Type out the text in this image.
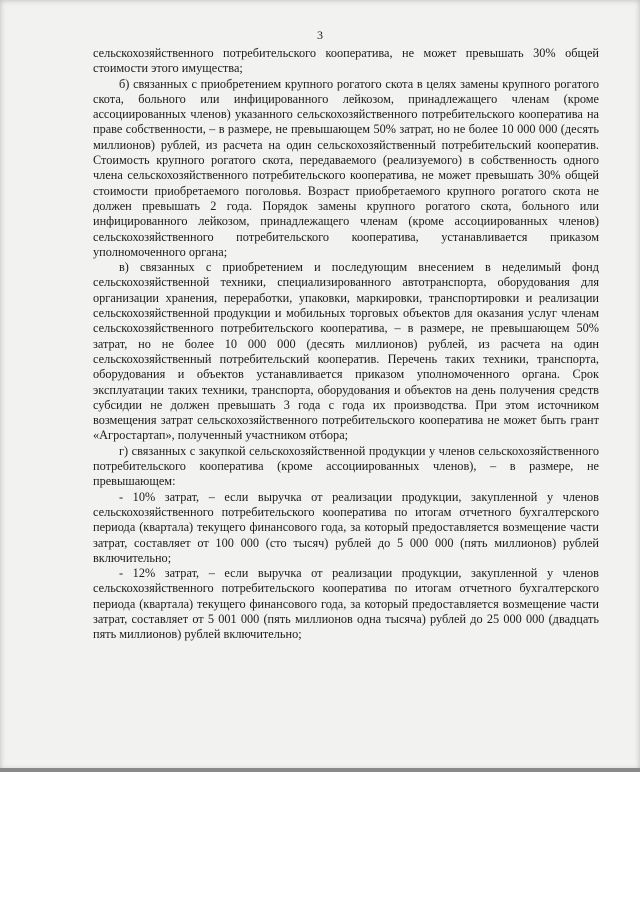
3

сельскохозяйственного потребительского кооператива, не может превышать 30% общей стоимости этого имущества;

б) связанных с приобретением крупного рогатого скота в целях замены крупного рогатого скота, больного или инфицированного лейкозом, принадлежащего членам (кроме ассоциированных членов) указанного сельскохозяйственного потребительского кооператива на праве собственности, – в размере, не превышающем 50% затрат, но не более 10 000 000 (десять миллионов) рублей, из расчета на один сельскохозяйственный потребительский кооператив. Стоимость крупного рогатого скота, передаваемого (реализуемого) в собственность одного члена сельскохозяйственного потребительского кооператива, не может превышать 30% общей стоимости приобретаемого поголовья. Возраст приобретаемого крупного рогатого скота не должен превышать 2 года. Порядок замены крупного рогатого скота, больного или инфицированного лейкозом, принадлежащего членам (кроме ассоциированных членов) сельскохозяйственного потребительского кооператива, устанавливается приказом уполномоченного органа;

в) связанных с приобретением и последующим внесением в неделимый фонд сельскохозяйственной техники, специализированного автотранспорта, оборудования для организации хранения, переработки, упаковки, маркировки, транспортировки и реализации сельскохозяйственной продукции и мобильных торговых объектов для оказания услуг членам сельскохозяйственного потребительского кооператива, – в размере, не превышающем 50% затрат, но не более 10 000 000 (десять миллионов) рублей, из расчета на один сельскохозяйственный потребительский кооператив. Перечень таких техники, транспорта, оборудования и объектов устанавливается приказом уполномоченного органа. Срок эксплуатации таких техники, транспорта, оборудования и объектов на день получения средств субсидии не должен превышать 3 года с года их производства. При этом источником возмещения затрат сельскохозяйственного потребительского кооператива не может быть грант «Агростартап», полученный участником отбора;

г) связанных с закупкой сельскохозяйственной продукции у членов сельскохозяйственного потребительского кооператива (кроме ассоциированных членов), – в размере, не превышающем:

- 10% затрат, – если выручка от реализации продукции, закупленной у членов сельскохозяйственного потребительского кооператива по итогам отчетного бухгалтерского периода (квартала) текущего финансового года, за который предоставляется возмещение части затрат, составляет от 100 000 (сто тысяч) рублей до 5 000 000 (пять миллионов) рублей включительно;

- 12% затрат, – если выручка от реализации продукции, закупленной у членов сельскохозяйственного потребительского кооператива по итогам отчетного бухгалтерского периода (квартала) текущего финансового года, за который предоставляется возмещение части затрат, составляет от 5 001 000 (пять миллионов одна тысяча) рублей до 25 000 000 (двадцать пять миллионов) рублей включительно;
